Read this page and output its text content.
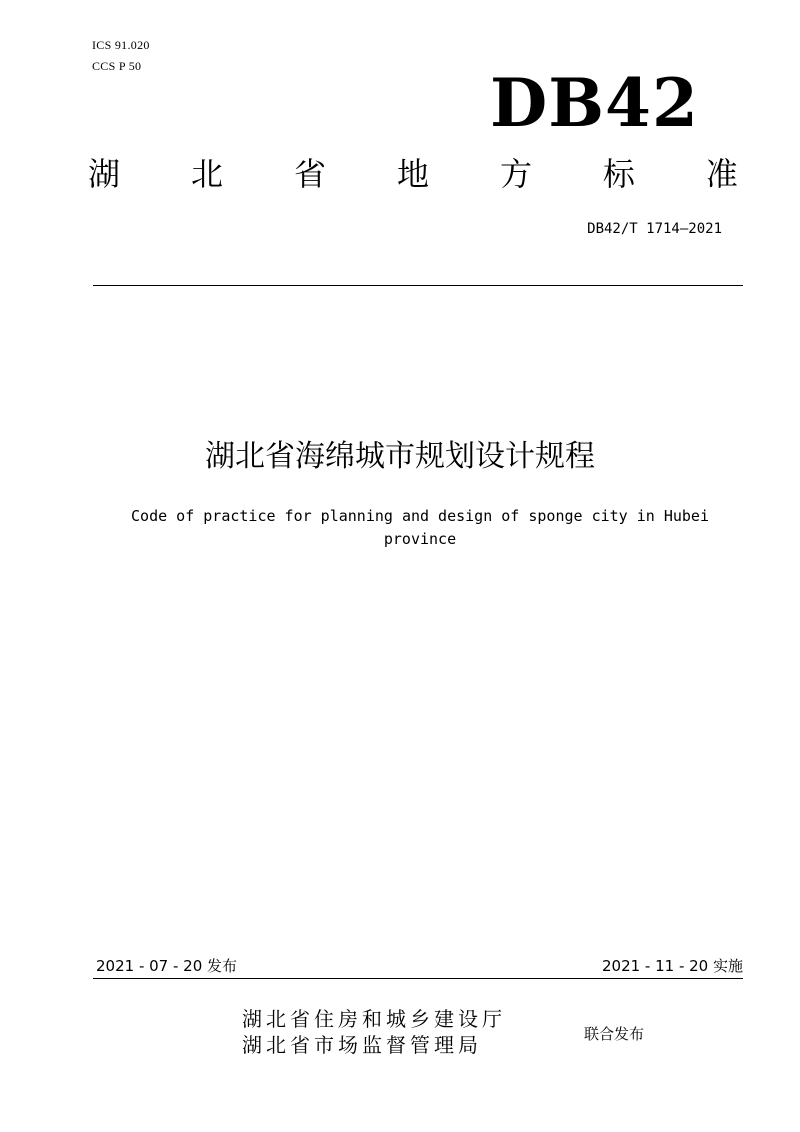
ICS 91.020
CCS P 50	DB42
湖 北 省 地 方 标 准
DB42/T 1714—2021
湖北省海绵城市规划设计规程
Code of practice for planning and design of sponge city in Hubei
province
2021 - 07 - 20 发布	2021 - 11 - 20 实施
湖北省住房和城乡建设厅
湖北省市场监督管理局	联合发布
